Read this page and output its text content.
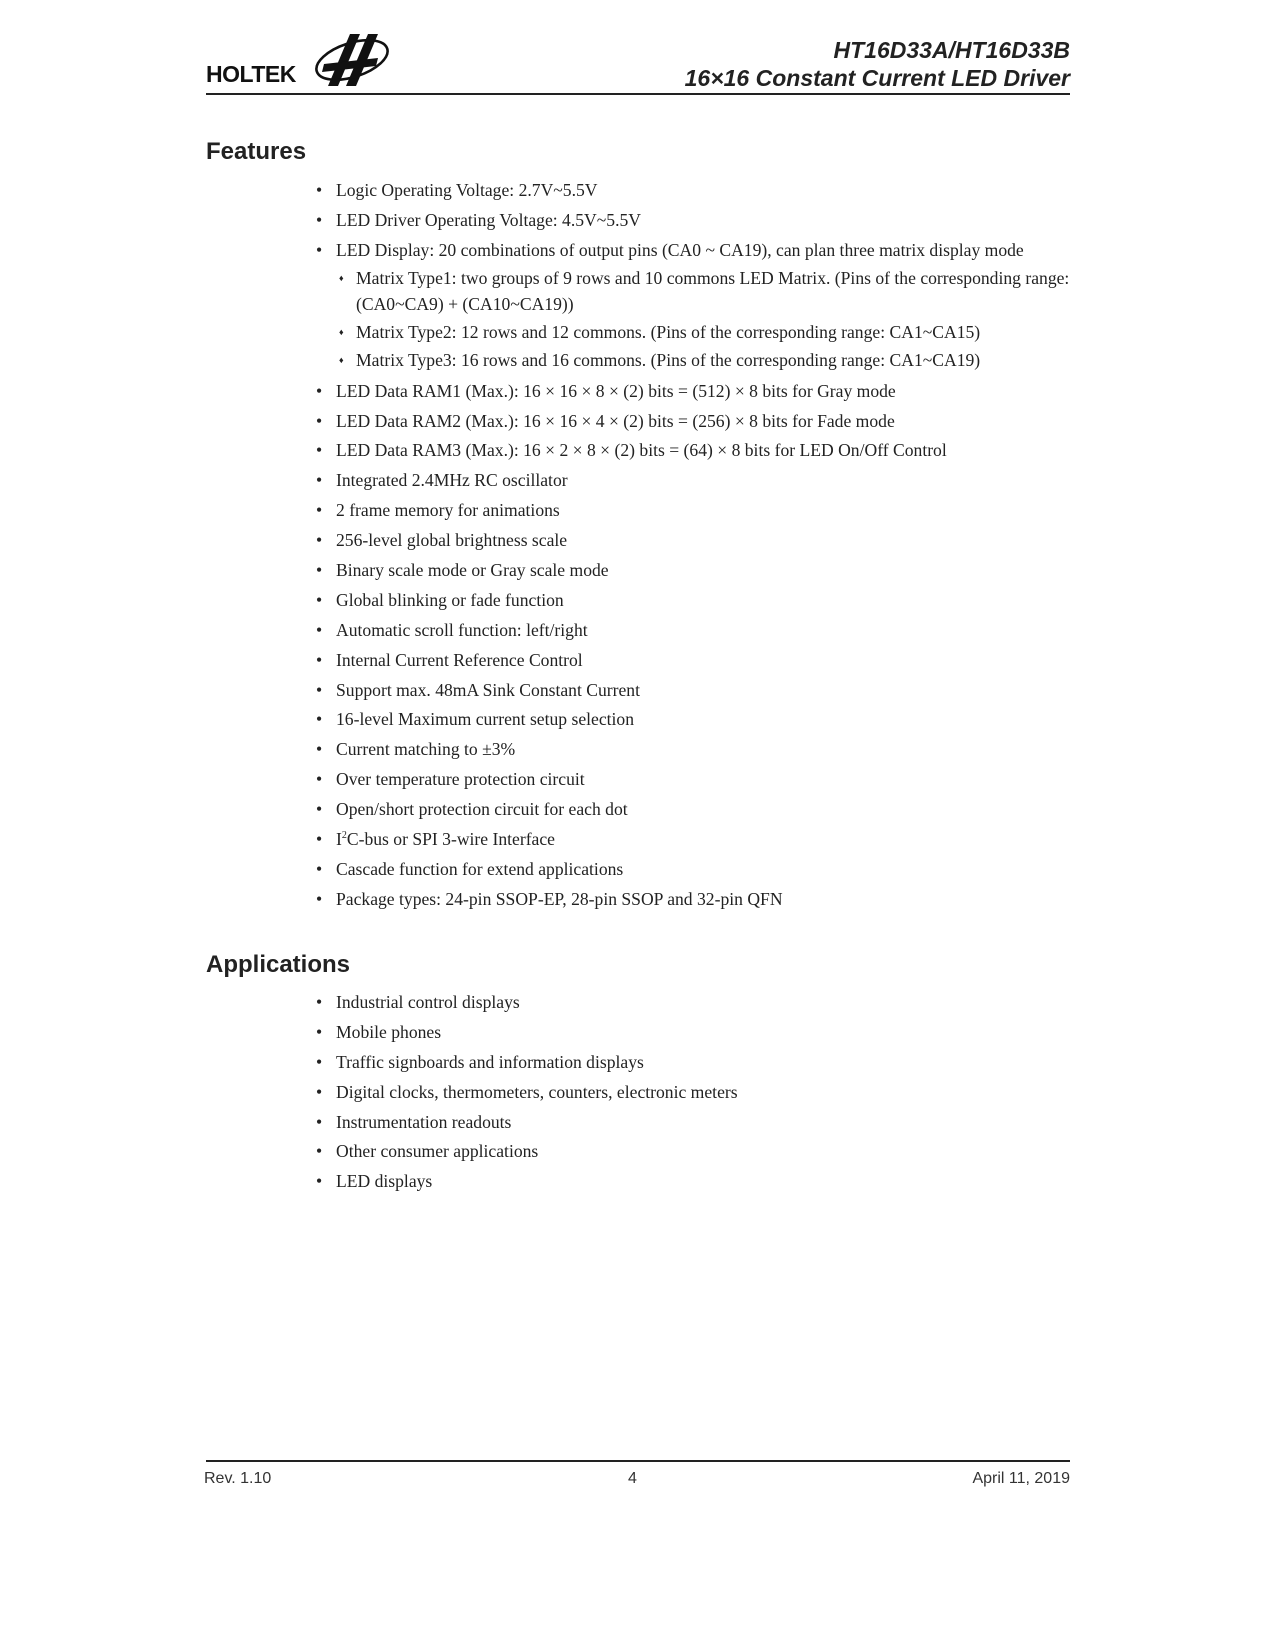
HOLTEK
HT16D33A/HT16D33B
16×16 Constant Current LED Driver
Features
• Logic Operating Voltage: 2.7V~5.5V
• LED Driver Operating Voltage: 4.5V~5.5V
• LED Display: 20 combinations of output pins (CA0 ~ CA19), can plan three matrix display mode
♦ Matrix Type1: two groups of 9 rows and 10 commons LED Matrix. (Pins of the corresponding range: (CA0~CA9) + (CA10~CA19))
♦ Matrix Type2: 12 rows and 12 commons. (Pins of the corresponding range: CA1~CA15)
♦ Matrix Type3: 16 rows and 16 commons. (Pins of the corresponding range: CA1~CA19)
• LED Data RAM1 (Max.): 16 × 16 × 8 × (2) bits = (512) × 8 bits for Gray mode
• LED Data RAM2 (Max.): 16 × 16 × 4 × (2) bits = (256) × 8 bits for Fade mode
• LED Data RAM3 (Max.): 16 × 2 × 8 × (2) bits = (64) × 8 bits for LED On/Off Control
• Integrated 2.4MHz RC oscillator
• 2 frame memory for animations
• 256-level global brightness scale
• Binary scale mode or Gray scale mode
• Global blinking or fade function
• Automatic scroll function: left/right
• Internal Current Reference Control
• Support max. 48mA Sink Constant Current
• 16-level Maximum current setup selection
• Current matching to ±3%
• Over temperature protection circuit
• Open/short protection circuit for each dot
• $I^2C$-bus or SPI 3-wire Interface
• Cascade function for extend applications
• Package types: 24-pin SSOP-EP, 28-pin SSOP and 32-pin QFN
Applications
• Industrial control displays
• Mobile phones
• Traffic signboards and information displays
• Digital clocks, thermometers, counters, electronic meters
• Instrumentation readouts
• Other consumer applications
• LED displays
Rev. 1.10	4	April 11, 2019
